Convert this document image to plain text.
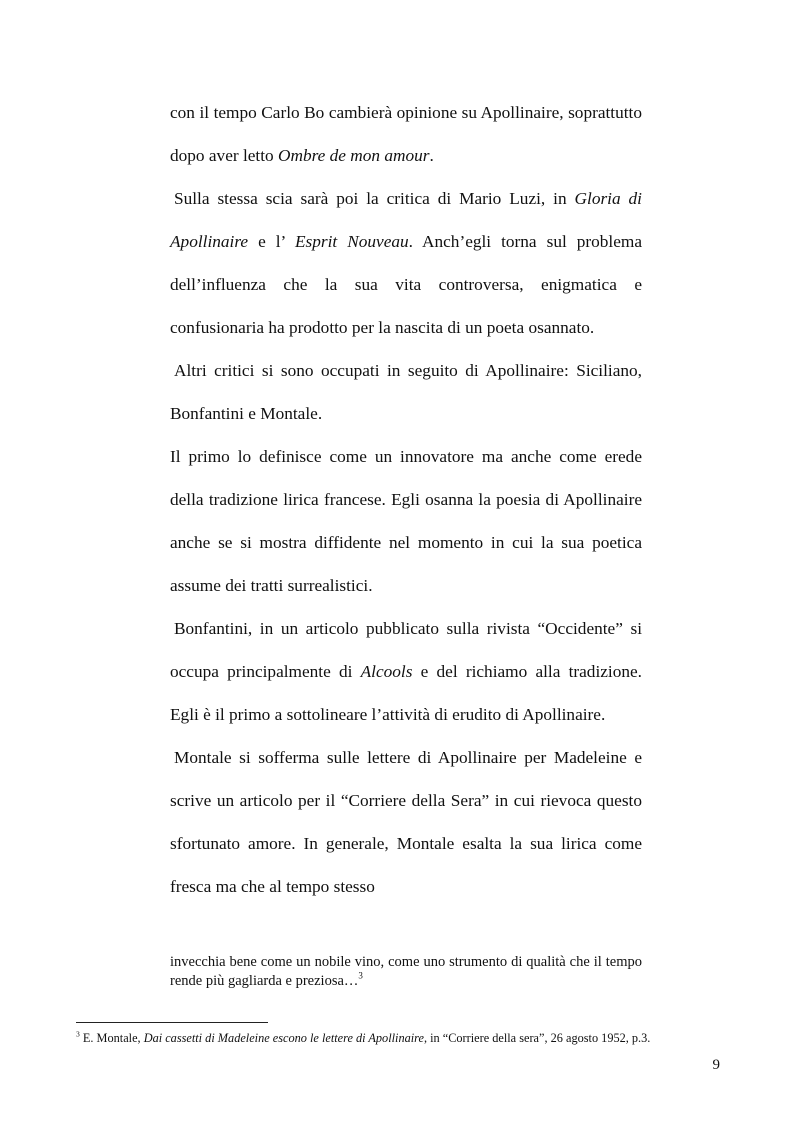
con il tempo Carlo Bo cambierà opinione su Apollinaire, soprattutto dopo aver letto Ombre de mon amour.

Sulla stessa scia sarà poi la critica di Mario Luzi, in Gloria di Apollinaire e l’ Esprit Nouveau. Anch’egli torna sul problema dell’influenza che la sua vita controversa, enigmatica e confusionaria ha prodotto per la nascita di un poeta osannato.

Altri critici si sono occupati in seguito di Apollinaire: Siciliano, Bonfantini e Montale.

Il primo lo definisce come un innovatore ma anche come erede della tradizione lirica francese. Egli osanna la poesia di Apollinaire anche se si mostra diffidente nel momento in cui la sua poetica assume dei tratti surrealistici.

Bonfantini, in un articolo pubblicato sulla rivista “Occidente” si occupa principalmente di Alcools e del richiamo alla tradizione. Egli è il primo a sottolineare l’attività di erudito di Apollinaire.

Montale si sofferma sulle lettere di Apollinaire per Madeleine e scrive un articolo per il “Corriere della Sera” in cui rievoca questo sfortunato amore. In generale, Montale esalta la sua lirica come fresca ma che al tempo stesso

invecchia bene come un nobile vino, come uno strumento di qualità che il tempo rende più gagliarda e preziosa…$^3$
$^3$ E. Montale, Dai cassetti di Madeleine escono le lettere di Apollinaire, in “Corriere della sera”, 26 agosto 1952, p.3.
9
